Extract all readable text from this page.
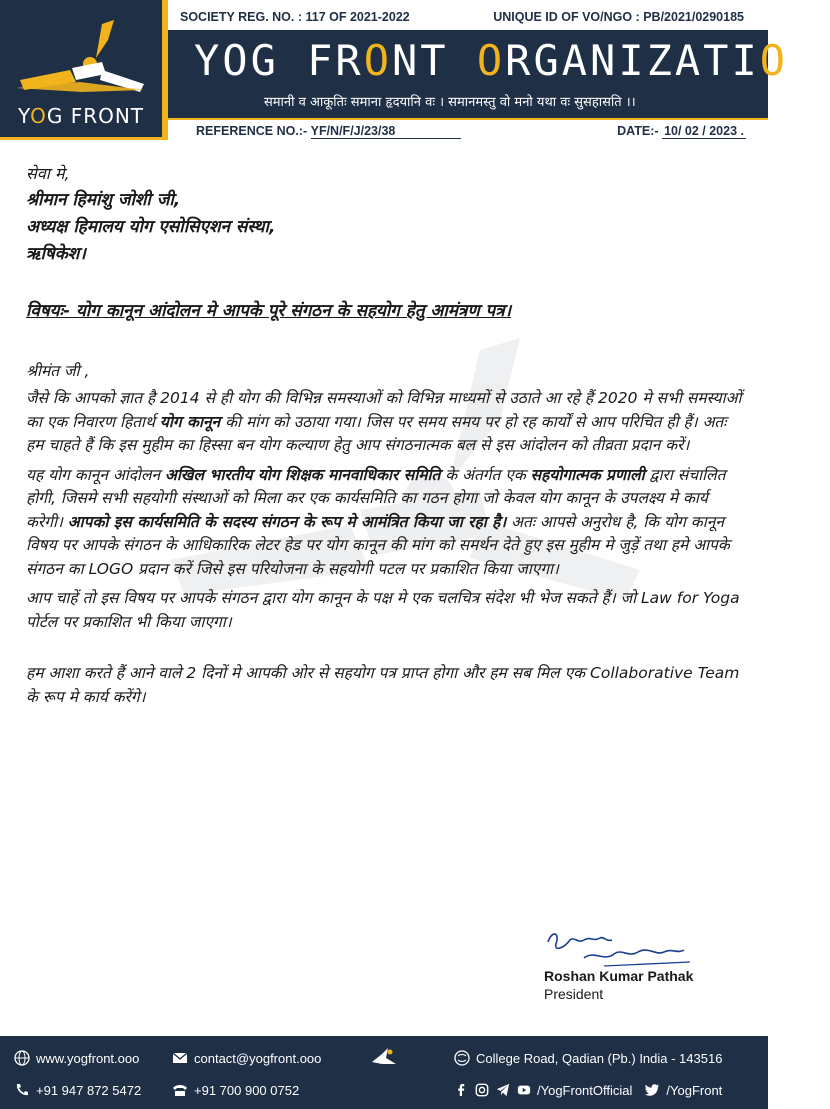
YOG FRONT
SOCIETY REG. NO. : 117 OF 2021-2022	UNIQUE ID OF VO/NGO : PB/2021/0290185
YOG FRONT ORGANIZATION®
समानी व आकूतिः समाना हृदयानि वः । समानमस्तु वो मनो यथा वः सुसहासति ।।
REFERENCE NO.:- YF/N/F/J/23/38	DATE:- 10/ 02 / 2023 .
सेवा मे,
श्रीमान हिमांशु जोशी जी,
अध्यक्ष हिमालय योग एसोसिएशन संस्था,
ऋषिकेश।
विषयः- योग कानून आंदोलन मे आपके पूरे संगठन के सहयोग हेतु आमंत्रण पत्र।
श्रीमंत जी ,

जैसे कि आपको ज्ञात है 2014 से ही योग की विभिन्न समस्याओं को विभिन्न माध्यमों से उठाते आ रहे हैं 2020 मे सभी समस्याओं का एक निवारण हितार्थ योग कानून की मांग को उठाया गया। जिस पर समय समय पर हो रह कार्यों से आप परिचित ही हैं। अतः हम चाहते हैं कि इस मुहीम का हिस्सा बन योग कल्याण हेतु आप संगठनात्मक बल से इस आंदोलन को तीव्रता प्रदान करें।

यह योग कानून आंदोलन अखिल भारतीय योग शिक्षक मानवाधिकार समिति के अंतर्गत एक सहयोगात्मक प्रणाली द्वारा संचालित होगी, जिसमे सभी सहयोगी संस्थाओं को मिला कर एक कार्यसमिति का गठन होगा जो केवल योग कानून के उपलक्ष्य मे कार्य करेगी। आपको इस कार्यसमिति के सदस्य संगठन के रूप मे आमंत्रित किया जा रहा है। अतः आपसे अनुरोध है, कि योग कानून विषय पर आपके संगठन के आधिकारिक लेटर हेड पर योग कानून की मांग को समर्थन देते हुए इस मुहीम मे जुड़ें तथा हमे आपके संगठन का LOGO प्रदान करें जिसे इस परियोजना के सहयोगी पटल पर प्रकाशित किया जाएगा।

आप चाहें तो इस विषय पर आपके संगठन द्वारा योग कानून के पक्ष मे एक चलचित्र संदेश भी भेज सकते हैं। जो Law for Yoga पोर्टल पर प्रकाशित भी किया जाएगा।

हम आशा करते हैं आने वाले 2 दिनों मे आपकी ओर से सहयोग पत्र प्राप्त होगा और हम सब मिल एक Collaborative Team के रूप मे कार्य करेंगे।

Roshan Kumar Pathak
President
www.yogfront.ooo	contact@yogfront.ooo	College Road, Qadian (Pb.) India - 143516
+91 947 872 5472	+91 700 900 0752	/YogFrontOfficial	/YogFront
